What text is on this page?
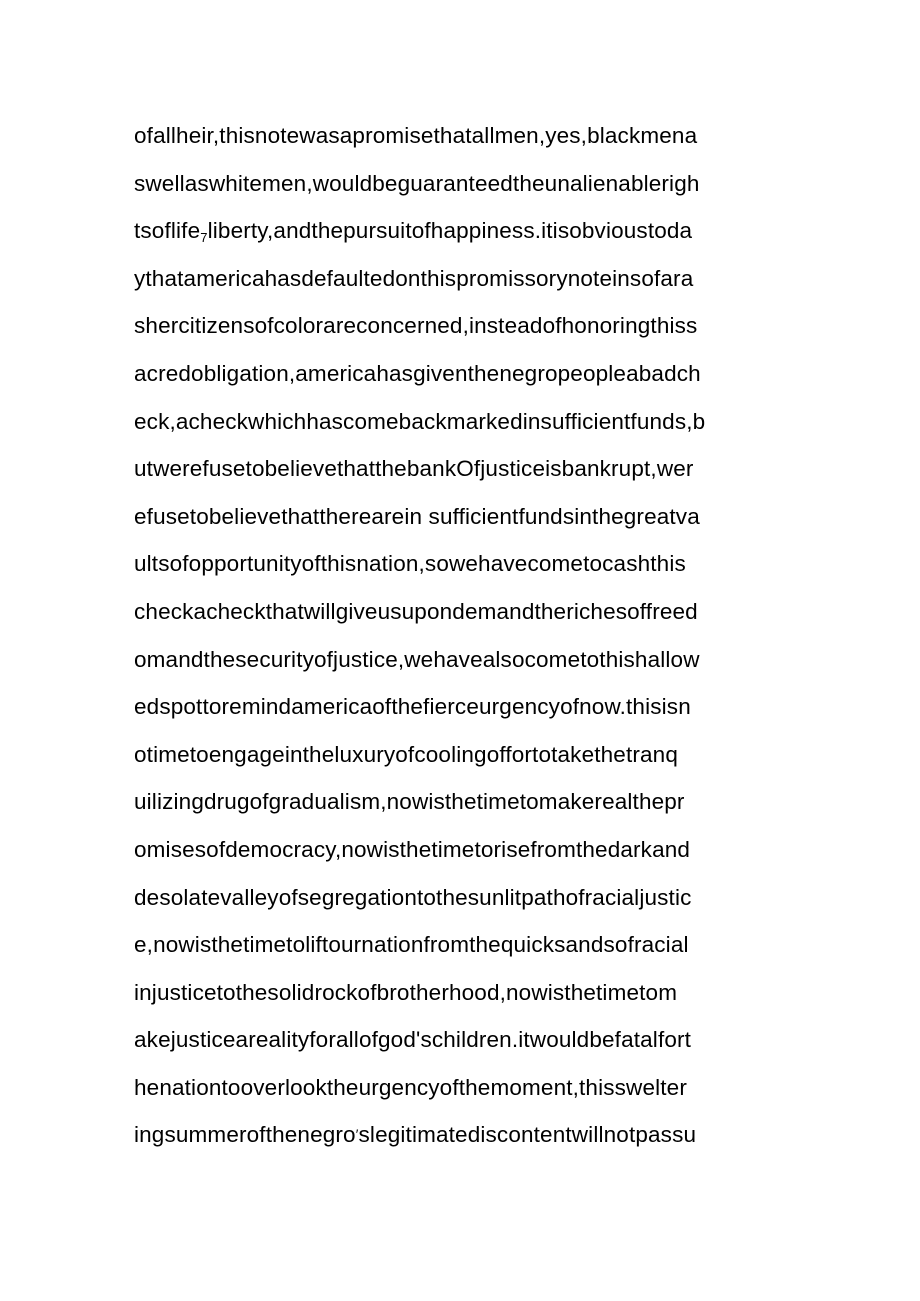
ofallheir,thisnotewasapromisethatallmen,yes,blackmena
swellaswhitemen,wouldbeguaranteedtheunalienablerigh
tsoflife$_7$liberty,andthepursuitofhappiness.itisobvioustoda
ythatamericahasdefaultedonthispromissorynoteinsofara
shercitizensofcolorareconcerned,insteadofhonoringthiss
acredobligation,americahasgiventhenegropeopleabadch
eck,acheckwhichhascomebackmarkedinsufficientfunds,b
utwerefusetobelievethatthebankOfjusticeisbankrupt,wer
efusetobelievethattherearein sufficientfundsinthegreatva
ultsofopportunityofthisnation,sowehavecometocashthis
checkacheckthatwillgiveusupondemandtherichesoffreed
omandthesecurityofjustice,wehavealsocometothishallow
edspottoremindamericaofthefierceurgencyofnow.thisisn
otimetoengageintheluxuryofcoolingoffortotakethetranq
uilizingdrugofgradualism,nowisthetimetomakerealthepr
omisesofdemocracy,nowisthetimetorisefromthedarkand
desolatevalleyofsegregationtothesunlitpathofracialjustic
e,nowisthetimetoliftournationfromthequicksandsofracial
injusticetothesolidrockofbrotherhood,nowisthetimetom
akejusticearealityforallofgod'schildren.itwouldbefatalfort
henationtooverlooktheurgencyofthemoment,thisswelter
ingsummerofthenegro′slegitimatediscontentwillnotpassu
